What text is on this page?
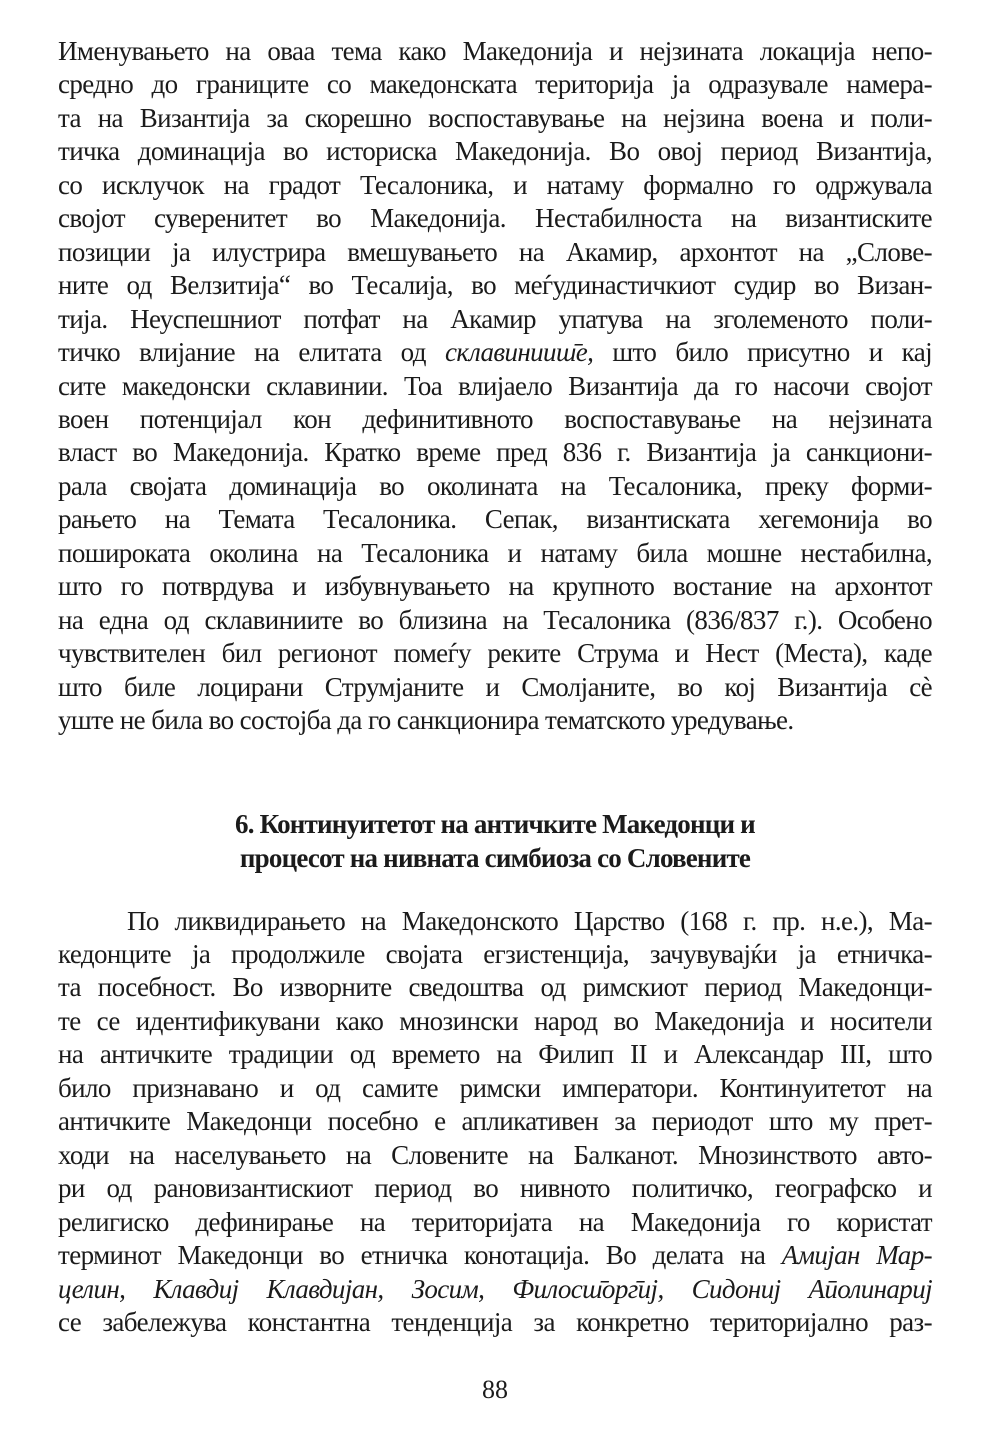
Именувањето на оваа тема како Македонија и нејзината локација непо-
средно до границите со македонската територија ја одразувале намера-
та на Византија за скорешно воспоставување на нејзина воена и поли-
тичка доминација во историска Македонија. Во овој период Византија,
со исклучок на градот Тесалоника, и натаму формално го одржувала
својот суверенитет во Македонија. Нестабилноста на византиските
позиции ја илустрира вмешувањето на Акамир, архонтот на „Слове-
ните од Велзитија“ во Тесалија, во меѓудинастичкиот судир во Визан-
тија. Неуспешниот потфат на Акамир упатува на зголеменото поли-
тичко влијание на елитата од склавинииш̄е, што било присутно и кај
сите македонски склавинии. Тоа влијаело Византија да го насочи својот
воен потенцијал кон дефинитивното воспоставување на нејзината
власт во Македонија. Кратко време пред 836 г. Византија ја санкциони-
рала својата доминација во околината на Тесалоника, преку форми-
рањето на Темата Тесалоника. Сепак, византиската хегемонија во
пошироката околина на Тесалоника и натаму била мошне нестабилна,
што го потврдува и избувнувањето на крупното востание на архонтот
на една од склавиниите во близина на Тесалоника (836/837 г.). Особено
чувствителен бил регионот помеѓу реките Струма и Нест (Места), каде
што биле лоцирани Струмјаните и Смолјаните, во кој Византија сè
уште не била во состојба да го санкционира тематското уредување.
6. Континуитетот на античките Македонци и
процесот на нивната симбиоза со Словените
По ликвидирањето на Македонското Царство (168 г. пр. н.е.), Ма-
кедонците ја продолжиле својата егзистенција, зачувувајќи ја етничка-
та посебност. Во изворните сведоштва од римскиот период Македонци-
те се идентификувани како мнозински народ во Македонија и носители
на античките традиции од времето на Филип II и Александар III, што
било признавано и од самите римски императори. Континуитетот на
античките Македонци посебно е апликативен за периодот што му прет-
ходи на населувањето на Словените на Балканот. Мнозинството авто-
ри од рановизантискиот период во нивното политичко, географско и
религиско дефинирање на територијата на Македонија го користат
терминот Македонци во етничка конотација. Во делата на Амијан Мар-
целин, Клавдиј Клавдијан, Зосим, Филосш̄орг̄иј, Сидониј Аӣолинариј
се забележува константна тенденција за конкретно територијално раз-
88
